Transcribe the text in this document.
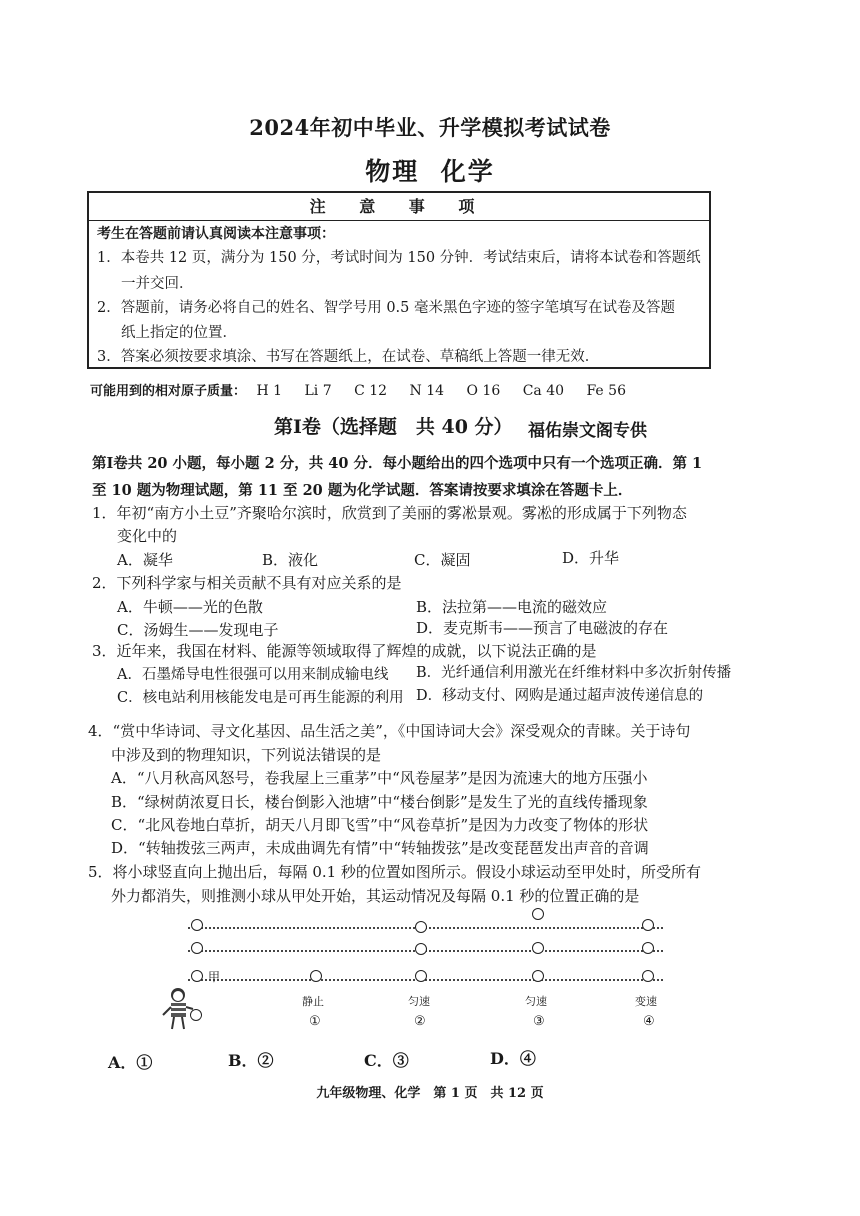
2024年初中毕业、升学模拟考试试卷
物理  化学
注 意 事 项
考生在答题前请认真阅读本注意事项：
1．本卷共 12 页，满分为 150 分，考试时间为 150 分钟．考试结束后，请将本试卷和答题纸
一并交回．
2．答题前，请务必将自己的姓名、智学号用 0.5 毫米黑色字迹的签字笔填写在试卷及答题
纸上指定的位置．
3．答案必须按要求填涂、书写在答题纸上，在试卷、草稿纸上答题一律无效．
可能用到的相对原子质量： H 1 Li 7 C 12 N 14 O 16 Ca 40 Fe 56
第Ⅰ卷（选择题　共 40 分） 福佑崇文阁专供
第Ⅰ卷共 20 小题，每小题 2 分，共 40 分．每小题给出的四个选项中只有一个选项正确．第 1
至 10 题为物理试题，第 11 至 20 题为化学试题．答案请按要求填涂在答题卡上．
1．年初“南方小土豆”齐聚哈尔滨时，欣赏到了美丽的雾凇景观。雾凇的形成属于下列物态
变化中的
A．凝华	B．液化	C．凝固	D．升华
2．下列科学家与相关贡献不具有对应关系的是
A．牛顿——光的色散	B．法拉第——电流的磁效应
C．汤姆生——发现电子	D．麦克斯韦——预言了电磁波的存在
3．近年来，我国在材料、能源等领域取得了辉煌的成就，以下说法正确的是
A．石墨烯导电性很强可以用来制成输电线 B．光纤通信利用激光在纤维材料中多次折射传播
C．核电站利用核能发电是可再生能源的利用 D．移动支付、网购是通过超声波传递信息的
4．“赏中华诗词、寻文化基因、品生活之美”，《中国诗词大会》深受观众的青睐。关于诗句
中涉及到的物理知识，下列说法错误的是
A．“八月秋高风怒号，卷我屋上三重茅”中“风卷屋茅”是因为流速大的地方压强小
B．“绿树荫浓夏日长，楼台倒影入池塘”中“楼台倒影”是发生了光的直线传播现象
C．“北风卷地白草折，胡天八月即飞雪”中“风卷草折”是因为力改变了物体的形状
D．“转轴拨弦三两声，未成曲调先有情”中“转轴拨弦”是改变琵琶发出声音的音调
5．将小球竖直向上抛出后，每隔 0.1 秒的位置如图所示。假设小球运动至甲处时，所受所有
外力都消失，则推测小球从甲处开始，其运动情况及每隔 0.1 秒的位置正确的是
甲
静止	匀速	匀速	变速
①	②	③	④
A．①	B．②	C．③	D．④
九年级物理、化学　第 1 页　共 12 页
